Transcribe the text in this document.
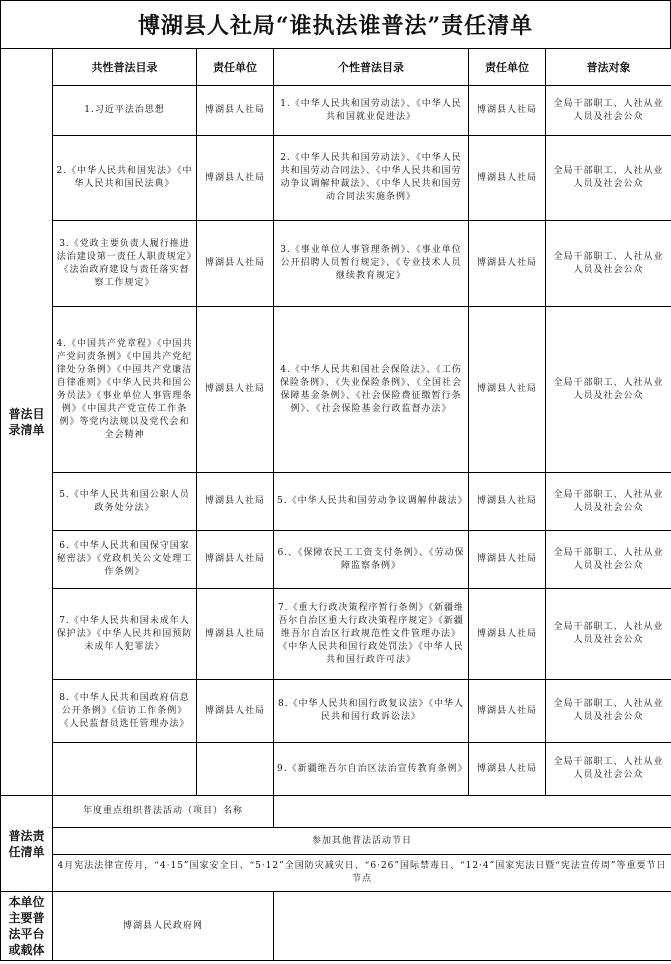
博湖县人社局“谁执法谁普法”责任清单
普法目录清单	共性普法目录	责任单位	个性普法目录	责任单位	普法对象
	1.习近平法治思想	博湖县人社局	1.《中华人民共和国劳动法》、《中华人民共和国就业促进法》	博湖县人社局	全局干部职工、人社从业人员及社会公众
	2.《中华人民共和国宪法》《中华人民共和国民法典》	博湖县人社局	2.《中华人民共和国劳动法》、《中华人民共和国劳动合同法》、《中华人民共和国劳动争议调解仲裁法》、《中华人民共和国劳动合同法实施条例》	博湖县人社局	全局干部职工、人社从业人员及社会公众
	3.《党政主要负责人履行推进法治建设第一责任人职责规定》《法治政府建设与责任落实督察工作规定》	博湖县人社局	3.《事业单位人事管理条例》、《事业单位公开招聘人员暂行规定》、《专业技术人员继续教育规定》	博湖县人社局	全局干部职工、人社从业人员及社会公众
	4.《中国共产党章程》《中国共产党问责条例》《中国共产党纪律处分条例》《中国共产党廉洁自律准则》《中华人民共和国公务员法》《事业单位人事管理条例》《中国共产党宣传工作条例》等党内法规以及党代会和全会精神	博湖县人社局	4.《中华人民共和国社会保险法》、《工伤保险条例》、《失业保险条例》、《全国社会保障基金条例》、《社会保险费征缴暂行条例》、《社会保险基金行政监督办法》	博湖县人社局	全局干部职工、人社从业人员及社会公众
	5.《中华人民共和国公职人员政务处分法》	博湖县人社局	5.《中华人民共和国劳动争议调解仲裁法》	博湖县人社局	全局干部职工、人社从业人员及社会公众
	6.《中华人民共和国保守国家秘密法》《党政机关公文处理工作条例》	博湖县人社局	6.、《保障农民工工资支付条例》、《劳动保障监察条例》	博湖县人社局	全局干部职工、人社从业人员及社会公众
	7.《中华人民共和国未成年人保护法》《中华人民共和国预防未成年人犯罪法》	博湖县人社局	7.《重大行政决策程序暂行条例》《新疆维吾尔自治区重大行政决策程序规定》《新疆维吾尔自治区行政规范性文件管理办法》《中华人民共和国行政处罚法》《中华人民共和国行政许可法》	博湖县人社局	全局干部职工、人社从业人员及社会公众
	8.《中华人民共和国政府信息公开条例》《信访工作条例》《人民监督员选任管理办法》	博湖县人社局	8.《中华人民共和国行政复议法》《中华人民共和国行政诉讼法》	博湖县人社局	全局干部职工、人社从业人员及社会公众
			9.《新疆维吾尔自治区法治宣传教育条例》	博湖县人社局	全局干部职工、人社从业人员及社会公众
普法责任清单	年度重点组织普法活动（项目）名称				
	参加其他普法活动节日				
	4月宪法法律宣传月，“4·15”国家安全日、“5·12”全国防灾减灾日、“6·26”国际禁毒日、“12·4”国家宪法日暨“宪法宣传周”等重要节日节点				
本单位主要普法平台或载体	博湖县人民政府网				
